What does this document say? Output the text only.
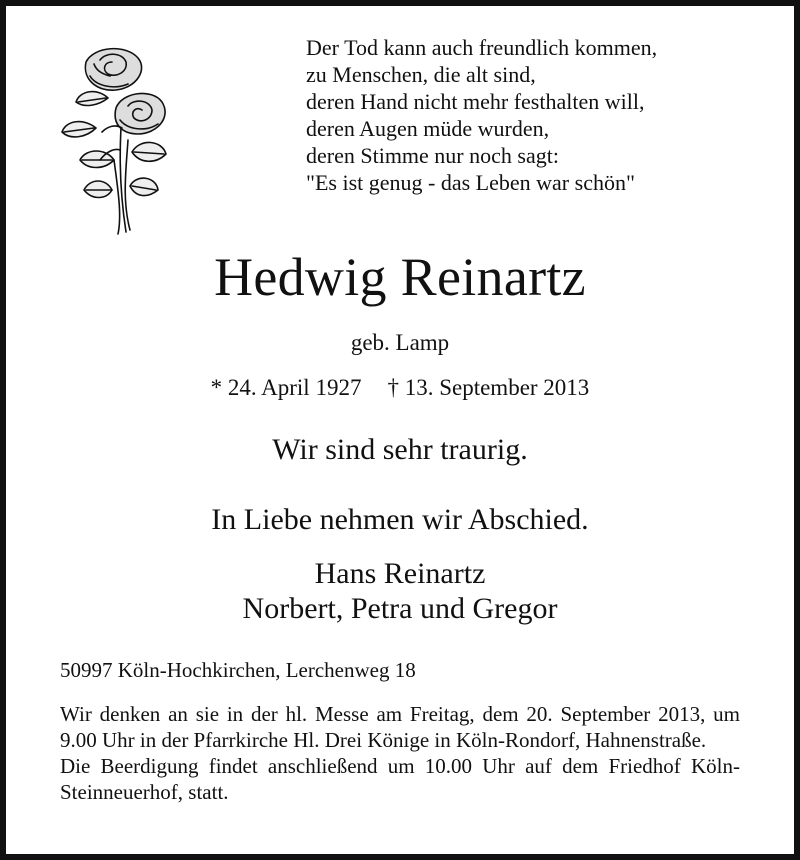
Der Tod kann auch freundlich kommen,
zu Menschen, die alt sind,
deren Hand nicht mehr festhalten will,
deren Augen müde wurden,
deren Stimme nur noch sagt:
"Es ist genug - das Leben war schön"
Hedwig Reinartz
geb. Lamp
* 24. April 1927 † 13. September 2013
Wir sind sehr traurig.
In Liebe nehmen wir Abschied.
Hans Reinartz
Norbert, Petra und Gregor
50997 Köln-Hochkirchen, Lerchenweg 18

Wir denken an sie in der hl. Messe am Freitag, dem 20. September 2013, um 9.00 Uhr in der Pfarrkirche Hl. Drei Könige in Köln-Rondorf, Hahnenstraße.

Die Beerdigung findet anschließend um 10.00 Uhr auf dem Friedhof Köln- Steinneuerhof, statt.
